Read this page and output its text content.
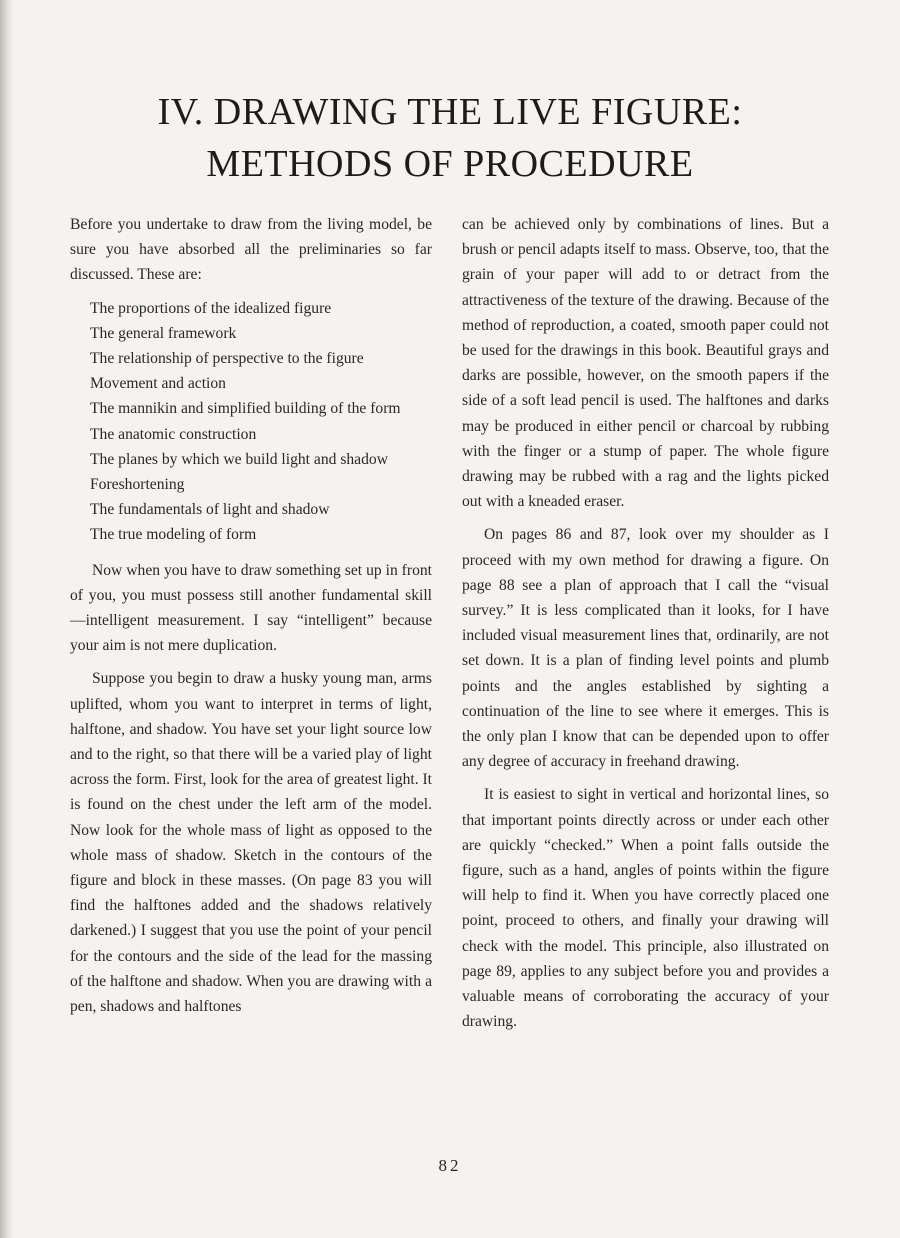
IV. DRAWING THE LIVE FIGURE:
METHODS OF PROCEDURE

Before you undertake to draw from the living model, be sure you have absorbed all the preliminaries so far discussed. These are:

The proportions of the idealized figure
The general framework
The relationship of perspective to the figure
Movement and action
The mannikin and simplified building of the form
The anatomic construction
The planes by which we build light and shadow
Foreshortening
The fundamentals of light and shadow
The true modeling of form

Now when you have to draw something set up in front of you, you must possess still another fundamental skill—intelligent measurement. I say “intelligent” because your aim is not mere duplication.

Suppose you begin to draw a husky young man, arms uplifted, whom you want to interpret in terms of light, halftone, and shadow. You have set your light source low and to the right, so that there will be a varied play of light across the form. First, look for the area of greatest light. It is found on the chest under the left arm of the model. Now look for the whole mass of light as opposed to the whole mass of shadow. Sketch in the contours of the figure and block in these masses. (On page 83 you will find the halftones added and the shadows relatively darkened.) I suggest that you use the point of your pencil for the contours and the side of the lead for the massing of the halftone and shadow. When you are drawing with a pen, shadows and halftones

can be achieved only by combinations of lines. But a brush or pencil adapts itself to mass. Observe, too, that the grain of your paper will add to or detract from the attractiveness of the texture of the drawing. Because of the method of reproduction, a coated, smooth paper could not be used for the drawings in this book. Beautiful grays and darks are possible, however, on the smooth papers if the side of a soft lead pencil is used. The halftones and darks may be produced in either pencil or charcoal by rubbing with the finger or a stump of paper. The whole figure drawing may be rubbed with a rag and the lights picked out with a kneaded eraser.

On pages 86 and 87, look over my shoulder as I proceed with my own method for drawing a figure. On page 88 see a plan of approach that I call the “visual survey.” It is less complicated than it looks, for I have included visual measurement lines that, ordinarily, are not set down. It is a plan of finding level points and plumb points and the angles established by sighting a continuation of the line to see where it emerges. This is the only plan I know that can be depended upon to offer any degree of accuracy in freehand drawing.

It is easiest to sight in vertical and horizontal lines, so that important points directly across or under each other are quickly “checked.” When a point falls outside the figure, such as a hand, angles of points within the figure will help to find it. When you have correctly placed one point, proceed to others, and finally your drawing will check with the model. This principle, also illustrated on page 89, applies to any subject before you and provides a valuable means of corroborating the accuracy of your drawing.

82
